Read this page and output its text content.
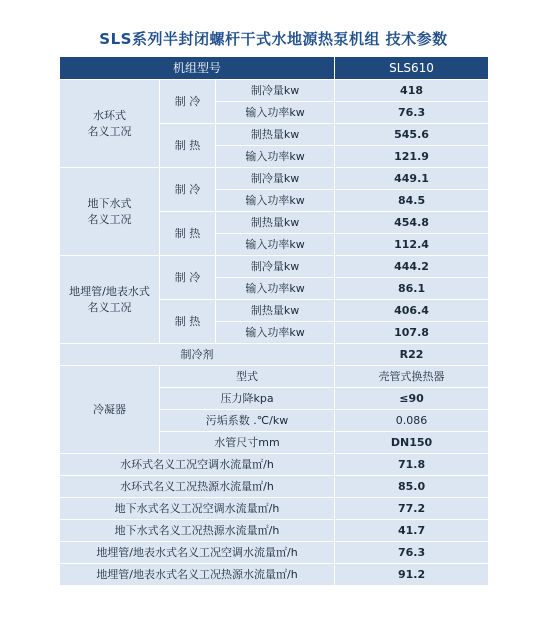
SLS系列半封闭螺杆干式水地源热泵机组 技术参数
机组型号			SLS610
水环式
名义工况	制 冷	制冷量kw	418
		输入功率kw	76.3
	制 热	制热量kw	545.6
		输入功率kw	121.9
地下水式
名义工况	制 冷	制冷量kw	449.1
		输入功率kw	84.5
	制 热	制热量kw	454.8
		输入功率kw	112.4
地埋管/地表水式
名义工况	制 冷	制冷量kw	444.2
		输入功率kw	86.1
	制 热	制热量kw	406.4
		输入功率kw	107.8
制冷剂			R22
冷凝器	型式		壳管式换热器
	压力降kpa		≤90
	污垢系数 .℃/kw		0.086
	水管尺寸mm		DN150
水环式名义工况空调水流量㎡/h			71.8
水环式名义工况热源水流量㎡/h			85.0
地下水式名义工况空调水流量㎡/h			77.2
地下水式名义工况热源水流量㎡/h			41.7
地埋管/地表水式名义工况空调水流量㎡/h			76.3
地埋管/地表水式名义工况热源水流量㎡/h			91.2
